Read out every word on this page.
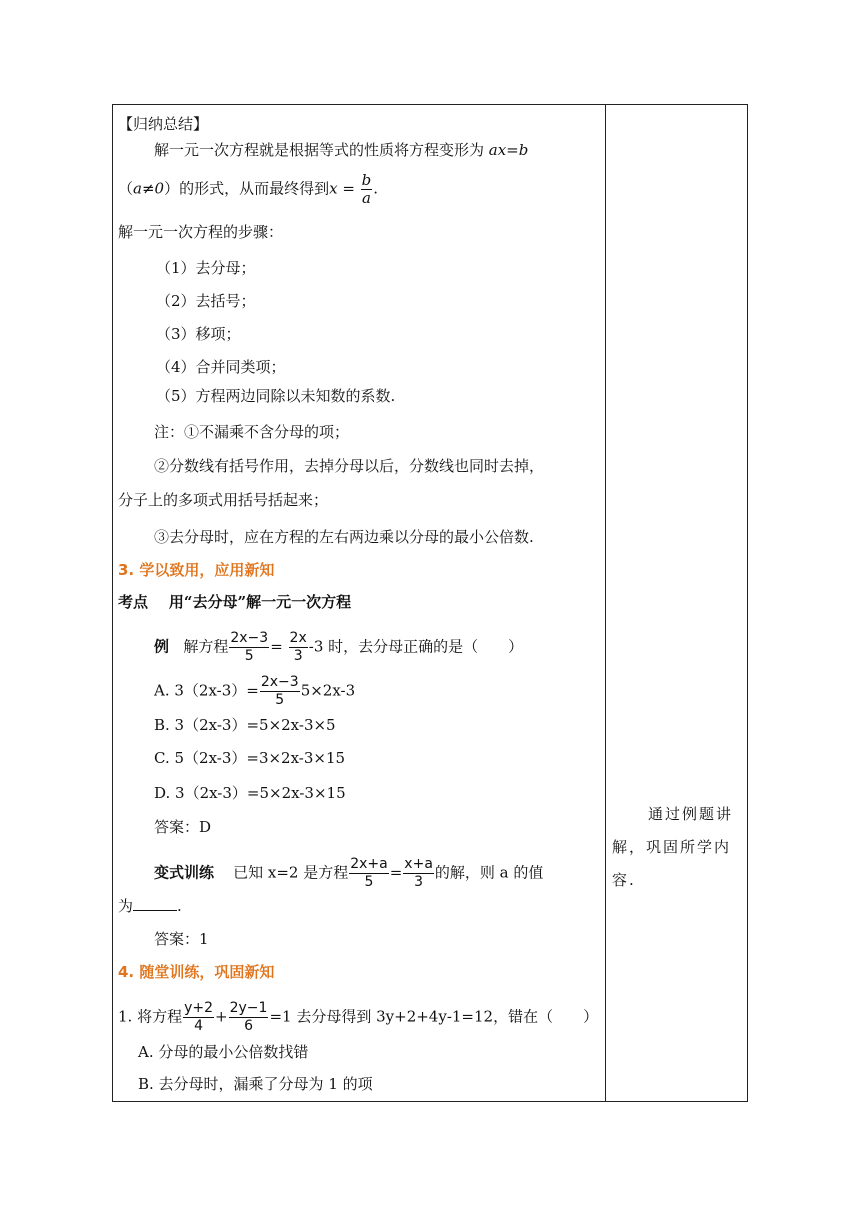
【归纳总结】
解一元一次方程就是根据等式的性质将方程变形为 ax=b
（a≠0）的形式，从而最终得到$x = \frac{b}{a}$ .
解一元一次方程的步骤：
（1）去分母；
（2）去括号；
（3）移项；
（4）合并同类项；
（5）方程两边同除以未知数的系数.
注：①不漏乘不含分母的项；
②分数线有括号作用，去掉分母以后，分数线也同时去掉，
分子上的多项式用括号括起来；
③去分母时，应在方程的左右两边乘以分母的最小公倍数.
3. 学以致用，应用新知
考点 用“去分母”解一元一次方程
例 解方程 $\frac{2x-3}{5} = \frac{2x}{3} -3$ 时，去分母正确的是（　　）
A. $3(2x-3)= \frac{2x-3}{5} 5\times 2x-3$
B. 3（2x-3）=5×2x-3×5
C. 5（2x-3）=3×2x-3×15
D. 3（2x-3）=5×2x-3×15
答案：D
变式训练 已知 x=2 是方程 $\frac{2x+a}{5} = \frac{x+a}{3}$ 的解，则 a 的值
为	.
答案：1
4. 随堂训练，巩固新知
1. 将方程 $\frac{y+2}{4} + \frac{2y-1}{6} =1$ 去分母得到 3y+2+4y-1=12，错在（　　）
A. 分母的最小公倍数找错
B. 去分母时，漏乘了分母为 1 的项
通过例题讲解，巩固所学内容.
